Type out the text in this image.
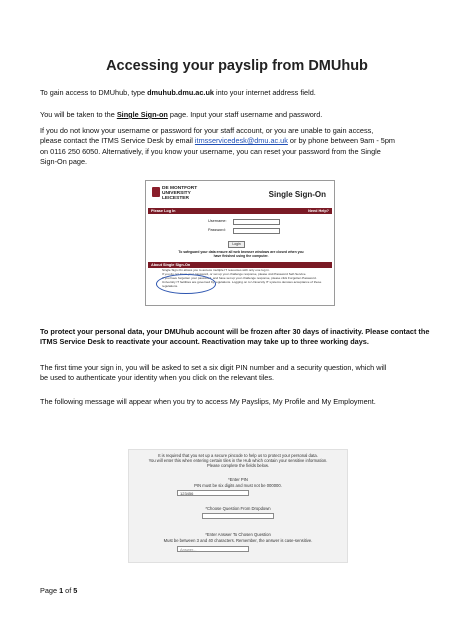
Accessing your payslip from DMUhub
To gain access to DMUhub, type dmuhub.dmu.ac.uk into your internet address field.
You will be taken to the Single Sign-on page. Input your staff username and password.
If you do not know your username or password for your staff account, or you are unable to gain access,
please contact the ITMS Service Desk by email itmsservicedesk@dmu.ac.uk or by phone between 9am - 5pm
on 0116 250 6050. Alternatively, if you know your username, you can reset your password from the Single
Sign-On page.
DE MONTFORT UNIVERSITY LEICESTER	Single Sign-On
Please Log In	Need Help?
Username:
Password:
Login
To safeguard your data ensure all web browser windows are closed when you have finished using the computer.
About Single Sign-On
Single Sign-On allows you to access multiple IT resources with only one log in.
If you do not know your password, or set up your challenge response, please visit Password Self-Service.
If you have forgotten your password, and have set up your challenge response, please click Forgotten Password.
University IT facilities are governed by regulations. Logging on to University IT systems denotes acceptance of these regulations.
To protect your personal data, your DMUhub account will be frozen after 30 days of inactivity. Please contact the ITMS Service Desk to reactivate your account. Reactivation may take up to three working days.
The first time your sign in, you will be asked to set a six digit PIN number and a security question, which will
be used to authenticate your identity when you click on the relevant tiles.
The following message will appear when you try to access My Payslips, My Profile and My Employment.
It is required that you set up a secure pincode to help us to protect your personal data.
You will enter this when entering certain tiles in the Hub which contain your sensitive information.
Please complete the fields below.
*Enter PIN
PIN must be six digits and must not be 000000.
123456
*Choose Question From Dropdown
*Enter Answer To Chosen Question
Must be between 3 and 40 characters. Remember, the answer is case-sensitive.
Answer...
Page 1 of 5
